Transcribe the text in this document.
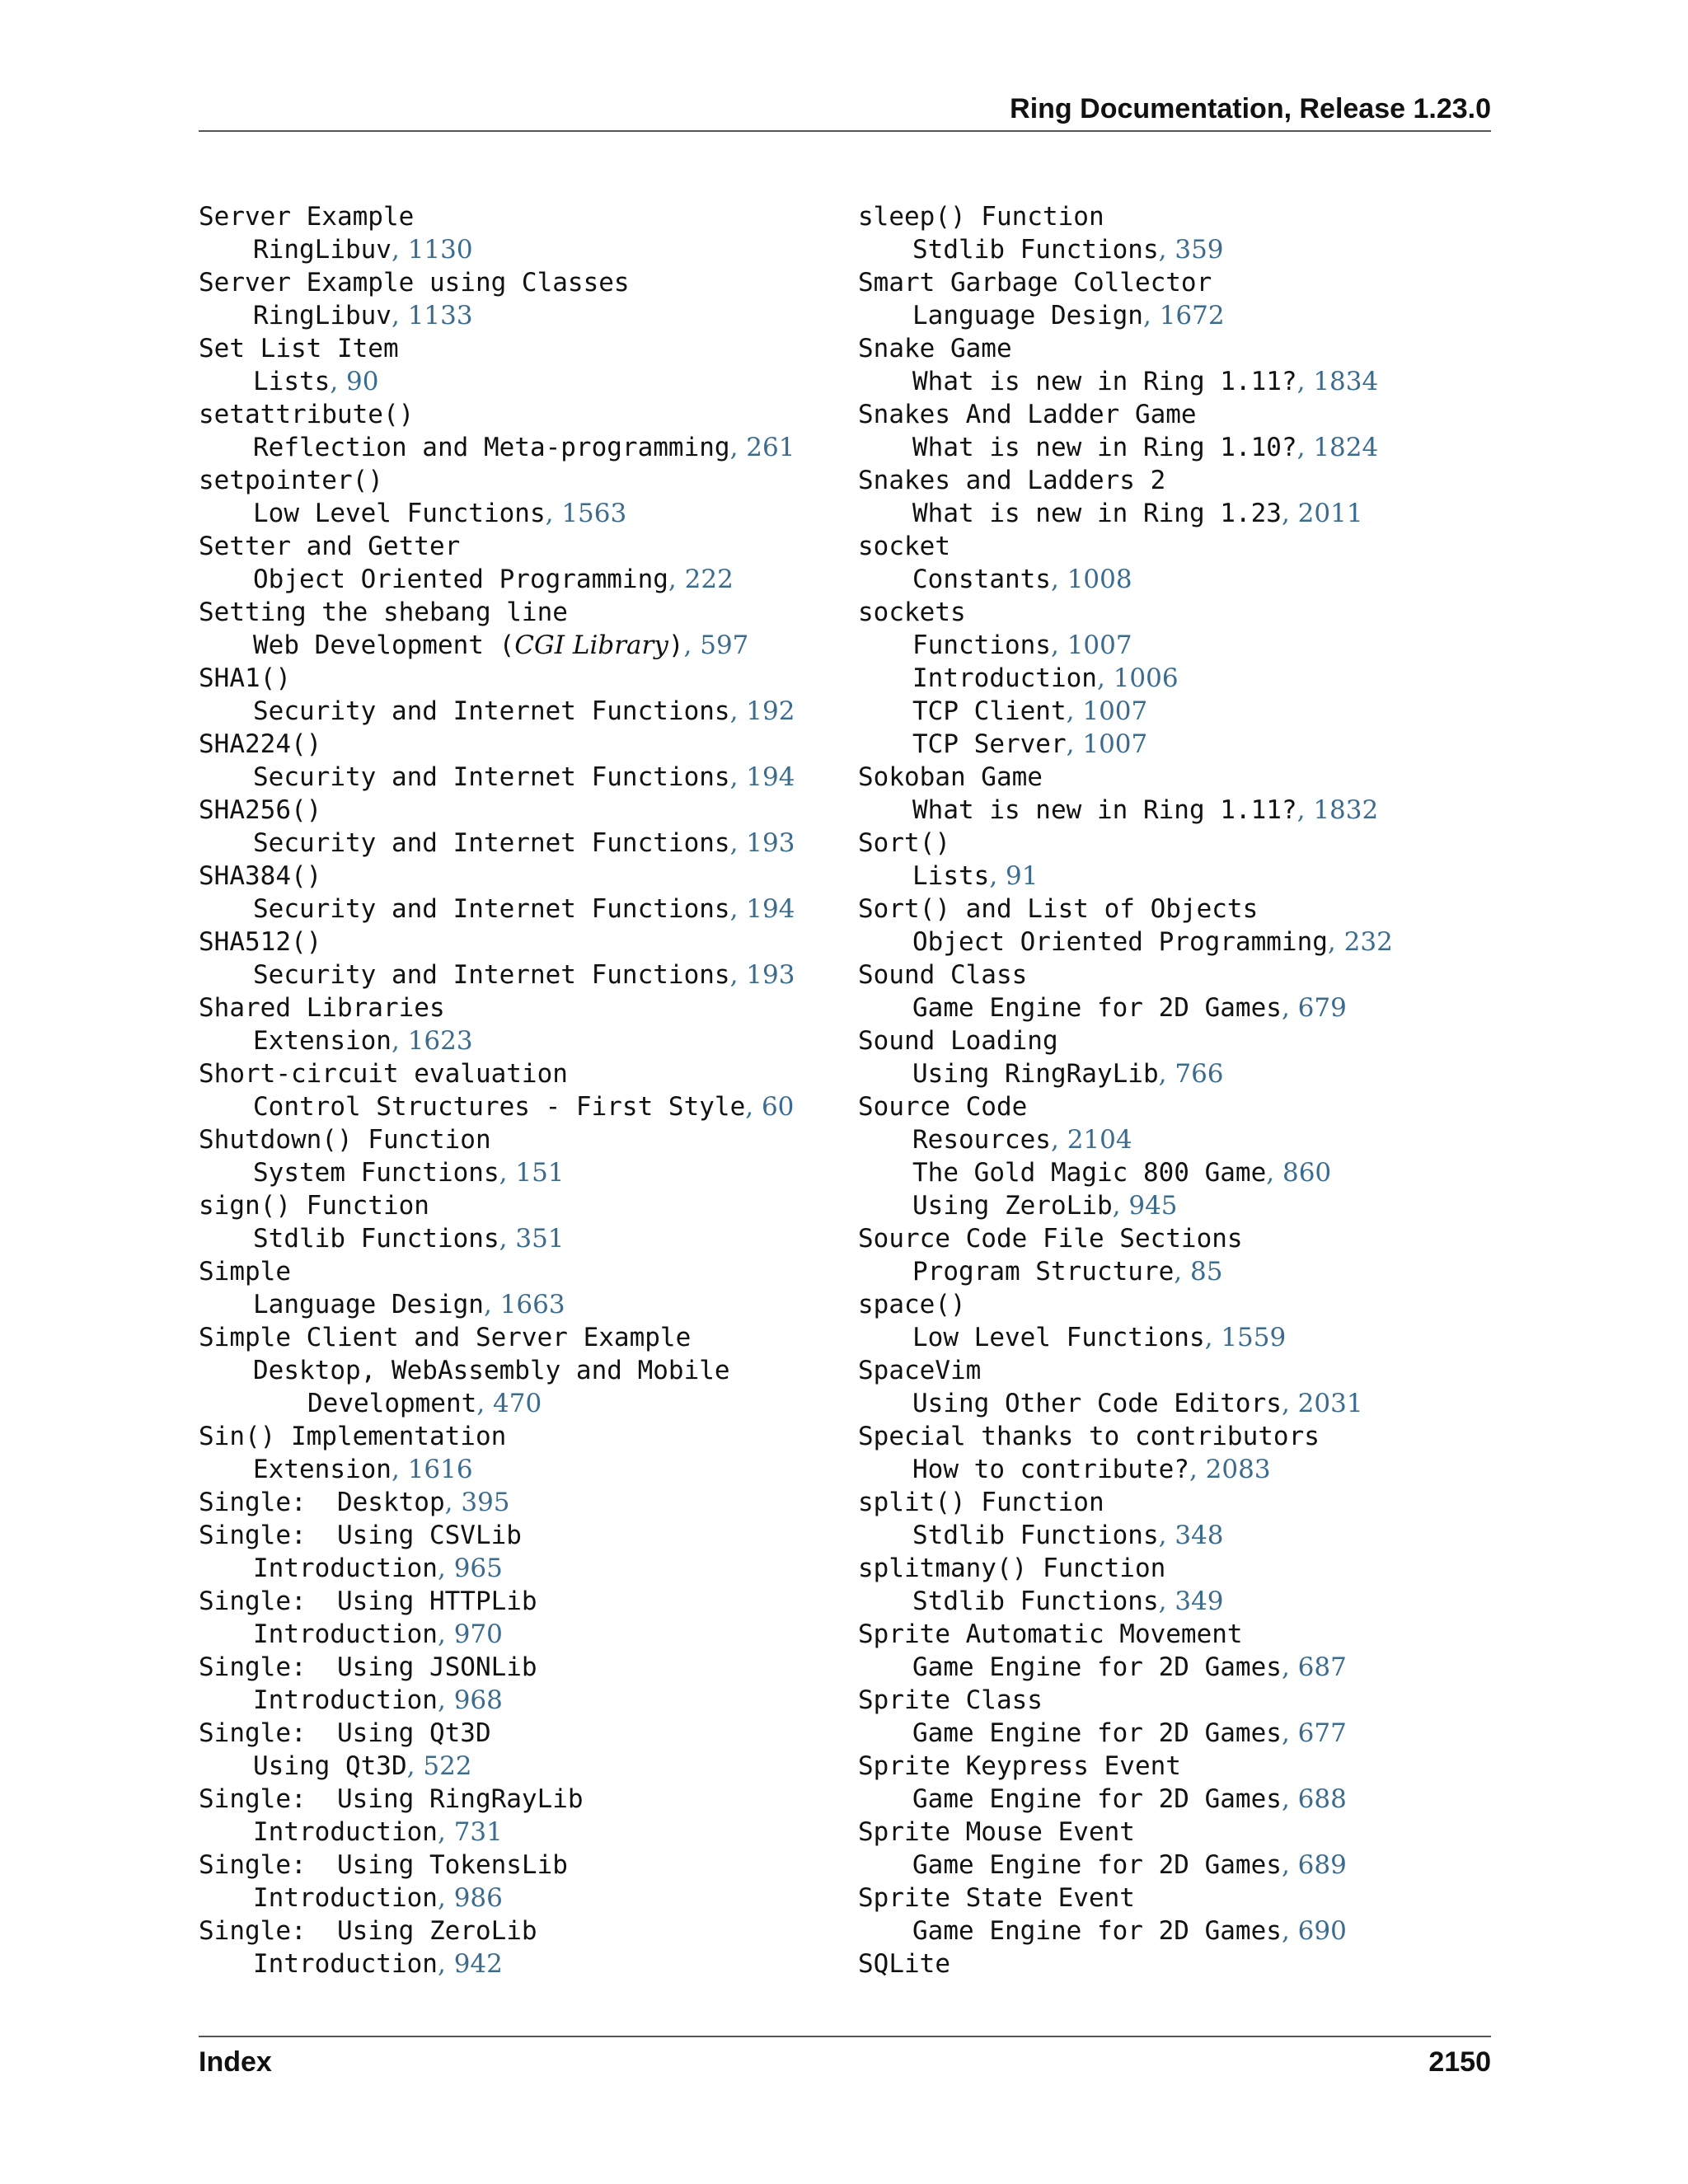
Ring Documentation, Release 1.23.0
Server Example
RingLibuv, 1130
Server Example using Classes
RingLibuv, 1133
Set List Item
Lists, 90
setattribute()
Reflection and Meta-programming, 261
setpointer()
Low Level Functions, 1563
Setter and Getter
Object Oriented Programming, 222
Setting the shebang line
Web Development (CGI Library), 597
SHA1()
Security and Internet Functions, 192
SHA224()
Security and Internet Functions, 194
SHA256()
Security and Internet Functions, 193
SHA384()
Security and Internet Functions, 194
SHA512()
Security and Internet Functions, 193
Shared Libraries
Extension, 1623
Short-circuit evaluation
Control Structures - First Style, 60
Shutdown() Function
System Functions, 151
sign() Function
Stdlib Functions, 351
Simple
Language Design, 1663
Simple Client and Server Example
Desktop, WebAssembly and Mobile
Development, 470
Sin() Implementation
Extension, 1616
Single:  Desktop, 395
Single:  Using CSVLib
Introduction, 965
Single:  Using HTTPLib
Introduction, 970
Single:  Using JSONLib
Introduction, 968
Single:  Using Qt3D
Using Qt3D, 522
Single:  Using RingRayLib
Introduction, 731
Single:  Using TokensLib
Introduction, 986
Single:  Using ZeroLib
Introduction, 942
sleep() Function
Stdlib Functions, 359
Smart Garbage Collector
Language Design, 1672
Snake Game
What is new in Ring 1.11?, 1834
Snakes And Ladder Game
What is new in Ring 1.10?, 1824
Snakes and Ladders 2
What is new in Ring 1.23, 2011
socket
Constants, 1008
sockets
Functions, 1007
Introduction, 1006
TCP Client, 1007
TCP Server, 1007
Sokoban Game
What is new in Ring 1.11?, 1832
Sort()
Lists, 91
Sort() and List of Objects
Object Oriented Programming, 232
Sound Class
Game Engine for 2D Games, 679
Sound Loading
Using RingRayLib, 766
Source Code
Resources, 2104
The Gold Magic 800 Game, 860
Using ZeroLib, 945
Source Code File Sections
Program Structure, 85
space()
Low Level Functions, 1559
SpaceVim
Using Other Code Editors, 2031
Special thanks to contributors
How to contribute?, 2083
split() Function
Stdlib Functions, 348
splitmany() Function
Stdlib Functions, 349
Sprite Automatic Movement
Game Engine for 2D Games, 687
Sprite Class
Game Engine for 2D Games, 677
Sprite Keypress Event
Game Engine for 2D Games, 688
Sprite Mouse Event
Game Engine for 2D Games, 689
Sprite State Event
Game Engine for 2D Games, 690
SQLite
Index	2150
